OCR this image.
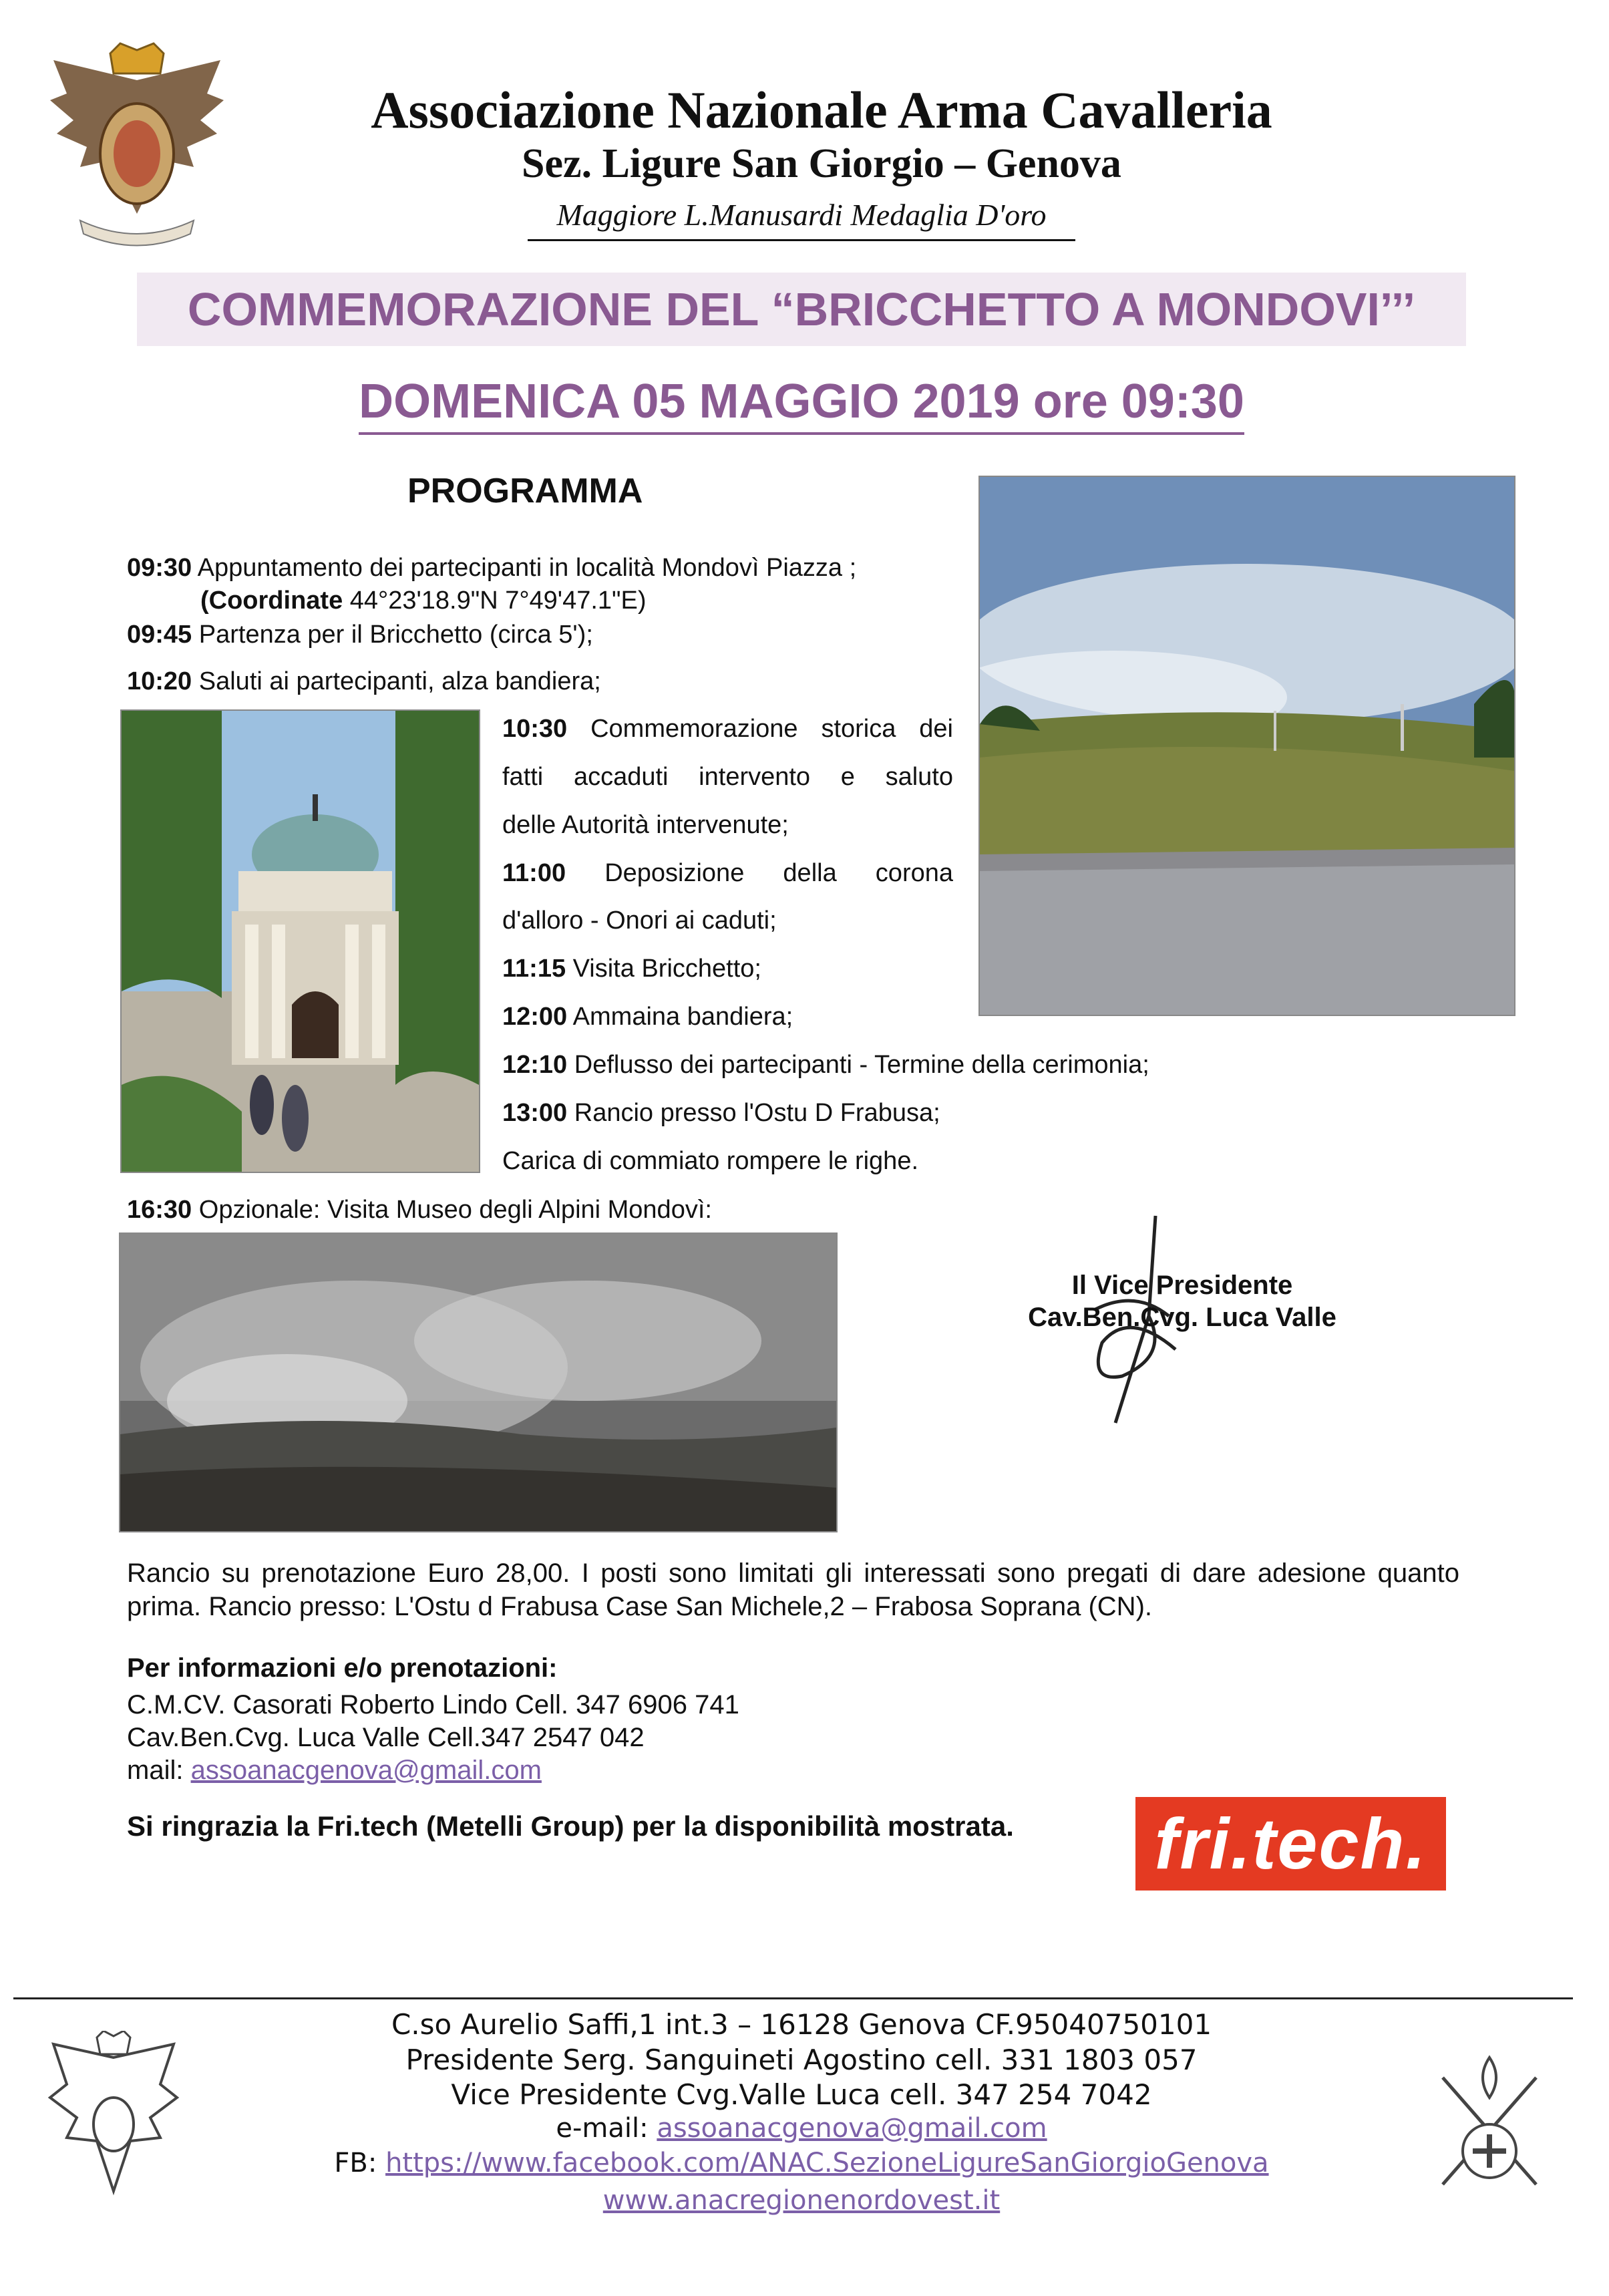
Associazione Nazionale Arma Cavalleria
Sez. Ligure San Giorgio – Genova
Maggiore L.Manusardi Medaglia D'oro
COMMEMORAZIONE DEL “BRICCHETTO A MONDOVI’’’
DOMENICA 05 MAGGIO 2019 ore 09:30
PROGRAMMA
09:30 Appuntamento dei partecipanti in località Mondovì Piazza ;
(Coordinate 44°23'18.9"N 7°49'47.1"E)
09:45 Partenza per il Bricchetto (circa 5');
10:20 Saluti ai partecipanti, alza bandiera;
10:30 Commemorazione storica dei
fatti accaduti intervento e saluto
delle Autorità intervenute;
11:00 Deposizione della corona
d'alloro - Onori ai caduti;
11:15 Visita Bricchetto;
12:00 Ammaina bandiera;
12:10 Deflusso dei partecipanti - Termine della cerimonia;
13:00 Rancio presso l'Ostu D Frabusa;
Carica di commiato rompere le righe.
16:30 Opzionale: Visita Museo degli Alpini Mondovì:
Il Vice Presidente
Cav.Ben.Cvg. Luca Valle
Rancio su prenotazione Euro 28,00. I posti sono limitati gli interessati sono pregati di dare adesione quanto prima. Rancio presso: L'Ostu d Frabusa Case San Michele,2 – Frabosa Soprana (CN).
Per informazioni e/o prenotazioni:
C.M.CV. Casorati Roberto Lindo Cell. 347 6906 741
Cav.Ben.Cvg. Luca Valle Cell.347 2547 042
mail: assoanacgenova@gmail.com
Si ringrazia la Fri.tech (Metelli Group) per la disponibilità mostrata. fri.tech.
C.so Aurelio Saffi,1 int.3 – 16128 Genova CF.95040750101
Presidente Serg. Sanguineti Agostino cell. 331 1803 057
Vice Presidente Cvg.Valle Luca cell. 347 254 7042
e-mail: assoanacgenova@gmail.com
FB: https://www.facebook.com/ANAC.SezioneLigureSanGiorgioGenova
www.anacregionenordovest.it
